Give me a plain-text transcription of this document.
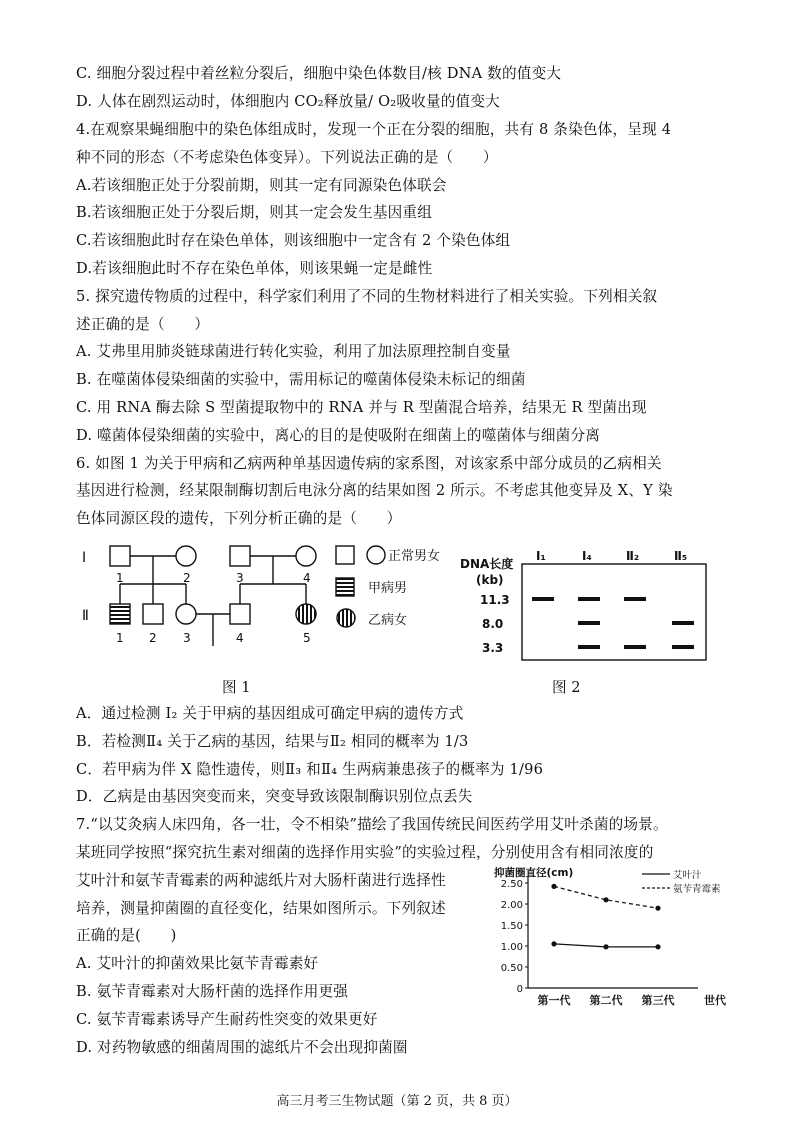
C. 细胞分裂过程中着丝粒分裂后，细胞中染色体数目/核 DNA 数的值变大
D. 人体在剧烈运动时，体细胞内 CO₂释放量/ O₂吸收量的值变大
4.在观察果蝇细胞中的染色体组成时，发现一个正在分裂的细胞，共有 8 条染色体，呈现 4
种不同的形态（不考虑染色体变异）。下列说法正确的是（　　）
A.若该细胞正处于分裂前期，则其一定有同源染色体联会
B.若该细胞正处于分裂后期，则其一定会发生基因重组
C.若该细胞此时存在染色单体，则该细胞中一定含有 2 个染色体组
D.若该细胞此时不存在染色单体，则该果蝇一定是雌性
5. 探究遗传物质的过程中，科学家们利用了不同的生物材料进行了相关实验。下列相关叙
述正确的是（　　）
A. 艾弗里用肺炎链球菌进行转化实验，利用了加法原理控制自变量
B. 在噬菌体侵染细菌的实验中，需用标记的噬菌体侵染未标记的细菌
C. 用 RNA 酶去除 S 型菌提取物中的 RNA 并与 R 型菌混合培养，结果无 R 型菌出现
D. 噬菌体侵染细菌的实验中，离心的目的是使吸附在细菌上的噬菌体与细菌分离
6. 如图 1 为关于甲病和乙病两种单基因遗传病的家系图，对该家系中部分成员的乙病相关
基因进行检测，经某限制酶切割后电泳分离的结果如图 2 所示。不考虑其他变异及 X、Y 染
色体同源区段的遗传，下列分析正确的是（　　）
Ⅰ
Ⅱ
1	2	3	4
1 2 3	4	5
正常男女
甲病男
乙病女
DNA长度
(kb)
11.3
8.0
3.3
Ⅰ₁	Ⅰ₄	Ⅱ₂	Ⅱ₅
图 1	图 2
A．通过检测 I₂ 关于甲病的基因组成可确定甲病的遗传方式
B．若检测Ⅱ₄ 关于乙病的基因，结果与Ⅱ₂ 相同的概率为 1/3
C．若甲病为伴 X 隐性遗传，则Ⅱ₃ 和Ⅱ₄ 生两病兼患孩子的概率为 1/96
D．乙病是由基因突变而来，突变导致该限制酶识别位点丢失
7.“以艾灸病人床四角，各一壮，令不相染”描绘了我国传统民间医药学用艾叶杀菌的场景。
某班同学按照“探究抗生素对细菌的选择作用实验”的实验过程，分别使用含有相同浓度的
艾叶汁和氨苄青霉素的两种滤纸片对大肠杆菌进行选择性
培养，测量抑菌圈的直径变化，结果如图所示。下列叙述
正确的是(　　)
A. 艾叶汁的抑菌效果比氨苄青霉素好
B. 氨苄青霉素对大肠杆菌的选择作用更强
C. 氨苄青霉素诱导产生耐药性突变的效果更好
D. 对药物敏感的细菌周围的滤纸片不会出现抑菌圈
抑菌圈直径(cm)
0
0.50
1.00
1.50
2.00
2.50
第一代 第二代 第三代	世代
艾叶汁
氨苄青霉素
高三月考三生物试题（第 2 页，共 8 页）
